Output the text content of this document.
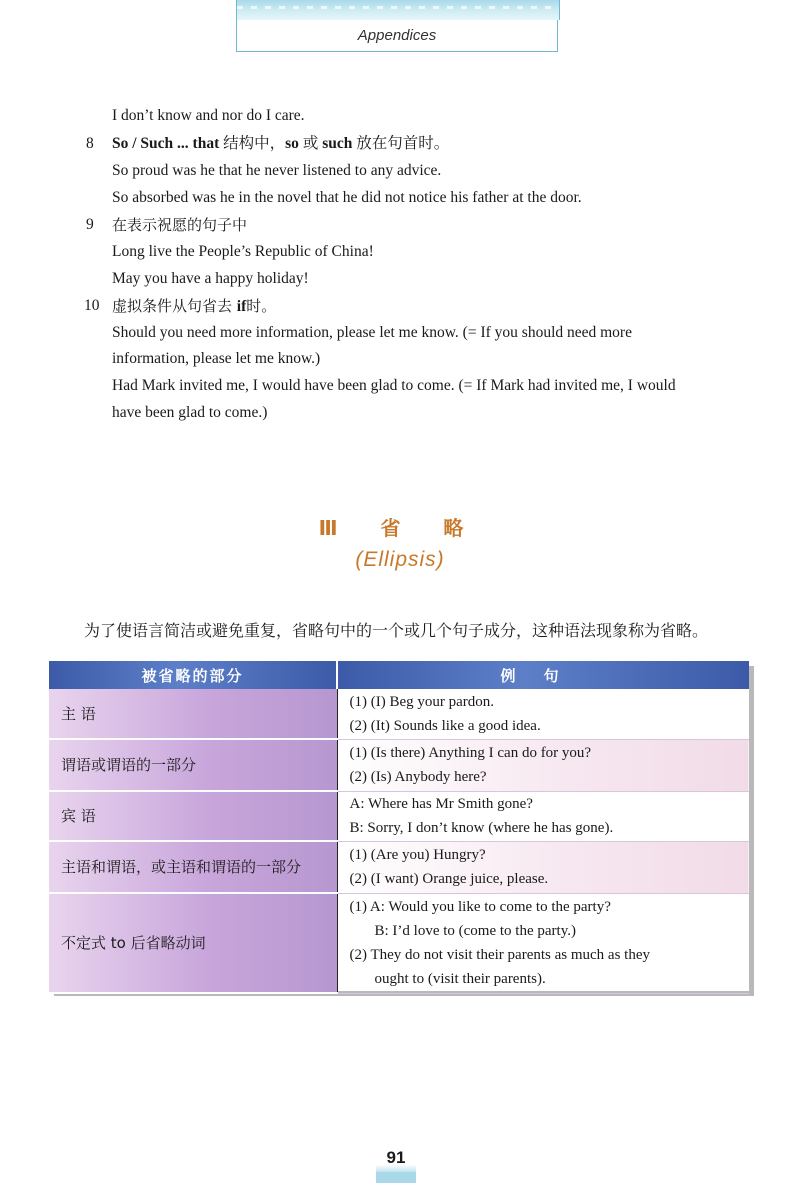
Appendices
I don’t know and nor do I care.
8 So / Such ... that 结构中，so 或 such 放在句首时。
So proud was he that he never listened to any advice.
So absorbed was he in the novel that he did not notice his father at the door.
9 在表示祝愿的句子中
Long live the People’s Republic of China!
May you have a happy holiday!
10 虚拟条件从句省去 if时。
Should you need more information, please let me know. (= If you should need more
information, please let me know.)
Had Mark invited me, I would have been glad to come. (= If Mark had invited me, I would
have been glad to come.)
Ⅲ 省 略
(Ellipsis)
为了使语言简洁或避免重复，省略句中的一个或几个句子成分，这种语法现象称为省略。
被省略的部分	例句
主 语	(1) (I) Beg your pardon.
(2) (It) Sounds like a good idea.

谓语或谓语的一部分	(1) (Is there) Anything I can do for you?
(2) (Is) Anybody here?

宾 语	A: Where has Mr Smith gone?
B: Sorry, I don’t know (where he has gone).

主语和谓语，或主语和谓语的一部分	(1) (Are you) Hungry?
(2) (I want) Orange juice, please.

不定式 to 后省略动词	(1) A: Would you like to come to the party?
B: I’d love to (come to the party.)
(2) They do not visit their parents as much as they
ought to (visit their parents).
91
